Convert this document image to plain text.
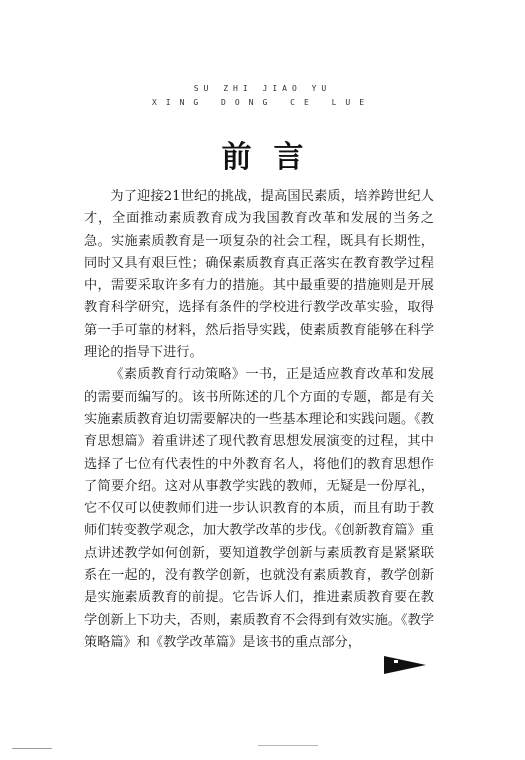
SU ZHI JIAO YU
XING DONG CE LUE
前言

为了迎接21世纪的挑战，提高国民素质，培养跨世纪人才，全面推动素质教育成为我国教育改革和发展的当务之急。实施素质教育是一项复杂的社会工程，既具有长期性，同时又具有艰巨性；确保素质教育真正落实在教育教学过程中，需要采取许多有力的措施。其中最重要的措施则是开展教育科学研究，选择有条件的学校进行教学改革实验，取得第一手可靠的材料，然后指导实践，使素质教育能够在科学理论的指导下进行。

《素质教育行动策略》一书，正是适应教育改革和发展的需要而编写的。该书所陈述的几个方面的专题，都是有关实施素质教育迫切需要解决的一些基本理论和实践问题。《教育思想篇》着重讲述了现代教育思想发展演变的过程，其中选择了七位有代表性的中外教育名人，将他们的教育思想作了简要介绍。这对从事教学实践的教师，无疑是一份厚礼，它不仅可以使教师们进一步认识教育的本质，而且有助于教师们转变教学观念，加大教学改革的步伐。《创新教育篇》重点讲述教学如何创新，要知道教学创新与素质教育是紧紧联系在一起的，没有教学创新，也就没有素质教育，教学创新是实施素质教育的前提。它告诉人们，推进素质教育要在教学创新上下功夫，否则，素质教育不会得到有效实施。《教学策略篇》和《教学改革篇》是该书的重点部分，
